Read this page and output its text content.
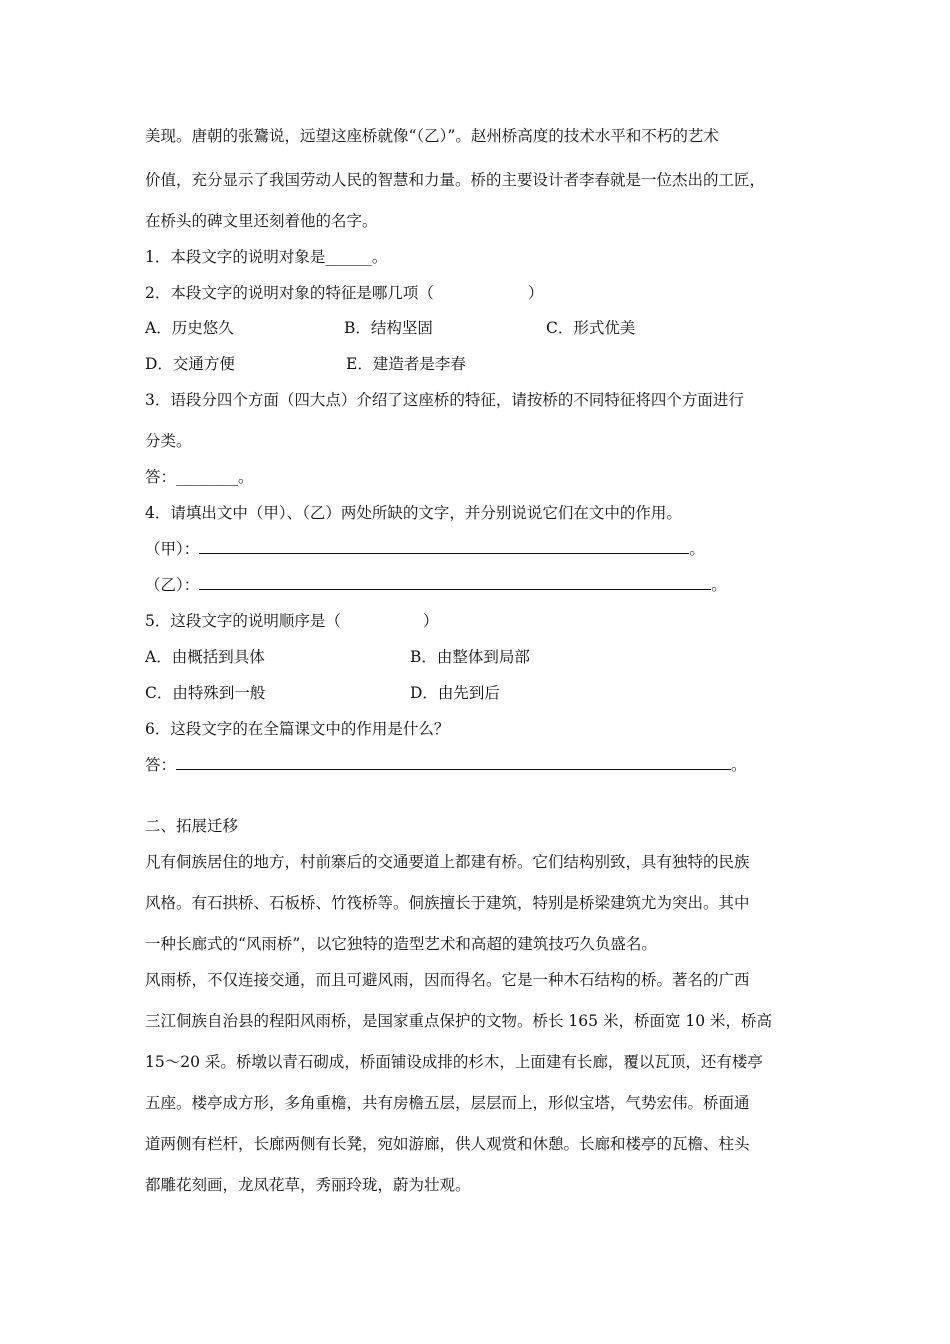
美现。唐朝的张鷟说，远望这座桥就像“（乙）”。赵州桥高度的技术水平和不朽的艺术
价值，充分显示了我国劳动人民的智慧和力量。桥的主要设计者李春就是一位杰出的工匠，
在桥头的碑文里还刻着他的名字。
1．本段文字的说明对象是______。
2．本段文字的说明对象的特征是哪几项（	）
A．历史悠久	B．结构坚固	C．形式优美
D．交通方便	E．建造者是李春
3．语段分四个方面（四大点）介绍了这座桥的特征，请按桥的不同特征将四个方面进行
分类。
答：________。
4．请填出文中（甲）、（乙）两处所缺的文字，并分别说说它们在文中的作用。
（甲）：	。
（乙）：	。
5．这段文字的说明顺序是（	）
A．由概括到具体	B．由整体到局部
C．由特殊到一般	D．由先到后
6．这段文字的在全篇课文中的作用是什么？
答：	。
二、拓展迁移
凡有侗族居住的地方，村前寨后的交通要道上都建有桥。它们结构别致，具有独特的民族
风格。有石拱桥、石板桥、竹筏桥等。侗族擅长于建筑，特别是桥梁建筑尤为突出。其中
一种长廊式的“风雨桥”，以它独特的造型艺术和高超的建筑技巧久负盛名。
风雨桥，不仅连接交通，而且可避风雨，因而得名。它是一种木石结构的桥。著名的广西
三江侗族自治县的程阳风雨桥，是国家重点保护的文物。桥长 165 米，桥面宽 10 米，桥高
15～20 采。桥墩以青石砌成，桥面铺设成排的杉木，上面建有长廊，覆以瓦顶，还有楼亭
五座。楼亭成方形，多角重檐，共有房檐五层，层层而上，形似宝塔，气势宏伟。桥面通
道两侧有栏杆，长廊两侧有长凳，宛如游廊，供人观赏和休憩。长廊和楼亭的瓦檐、柱头
都雕花刻画，龙凤花草，秀丽玲珑，蔚为壮观。
